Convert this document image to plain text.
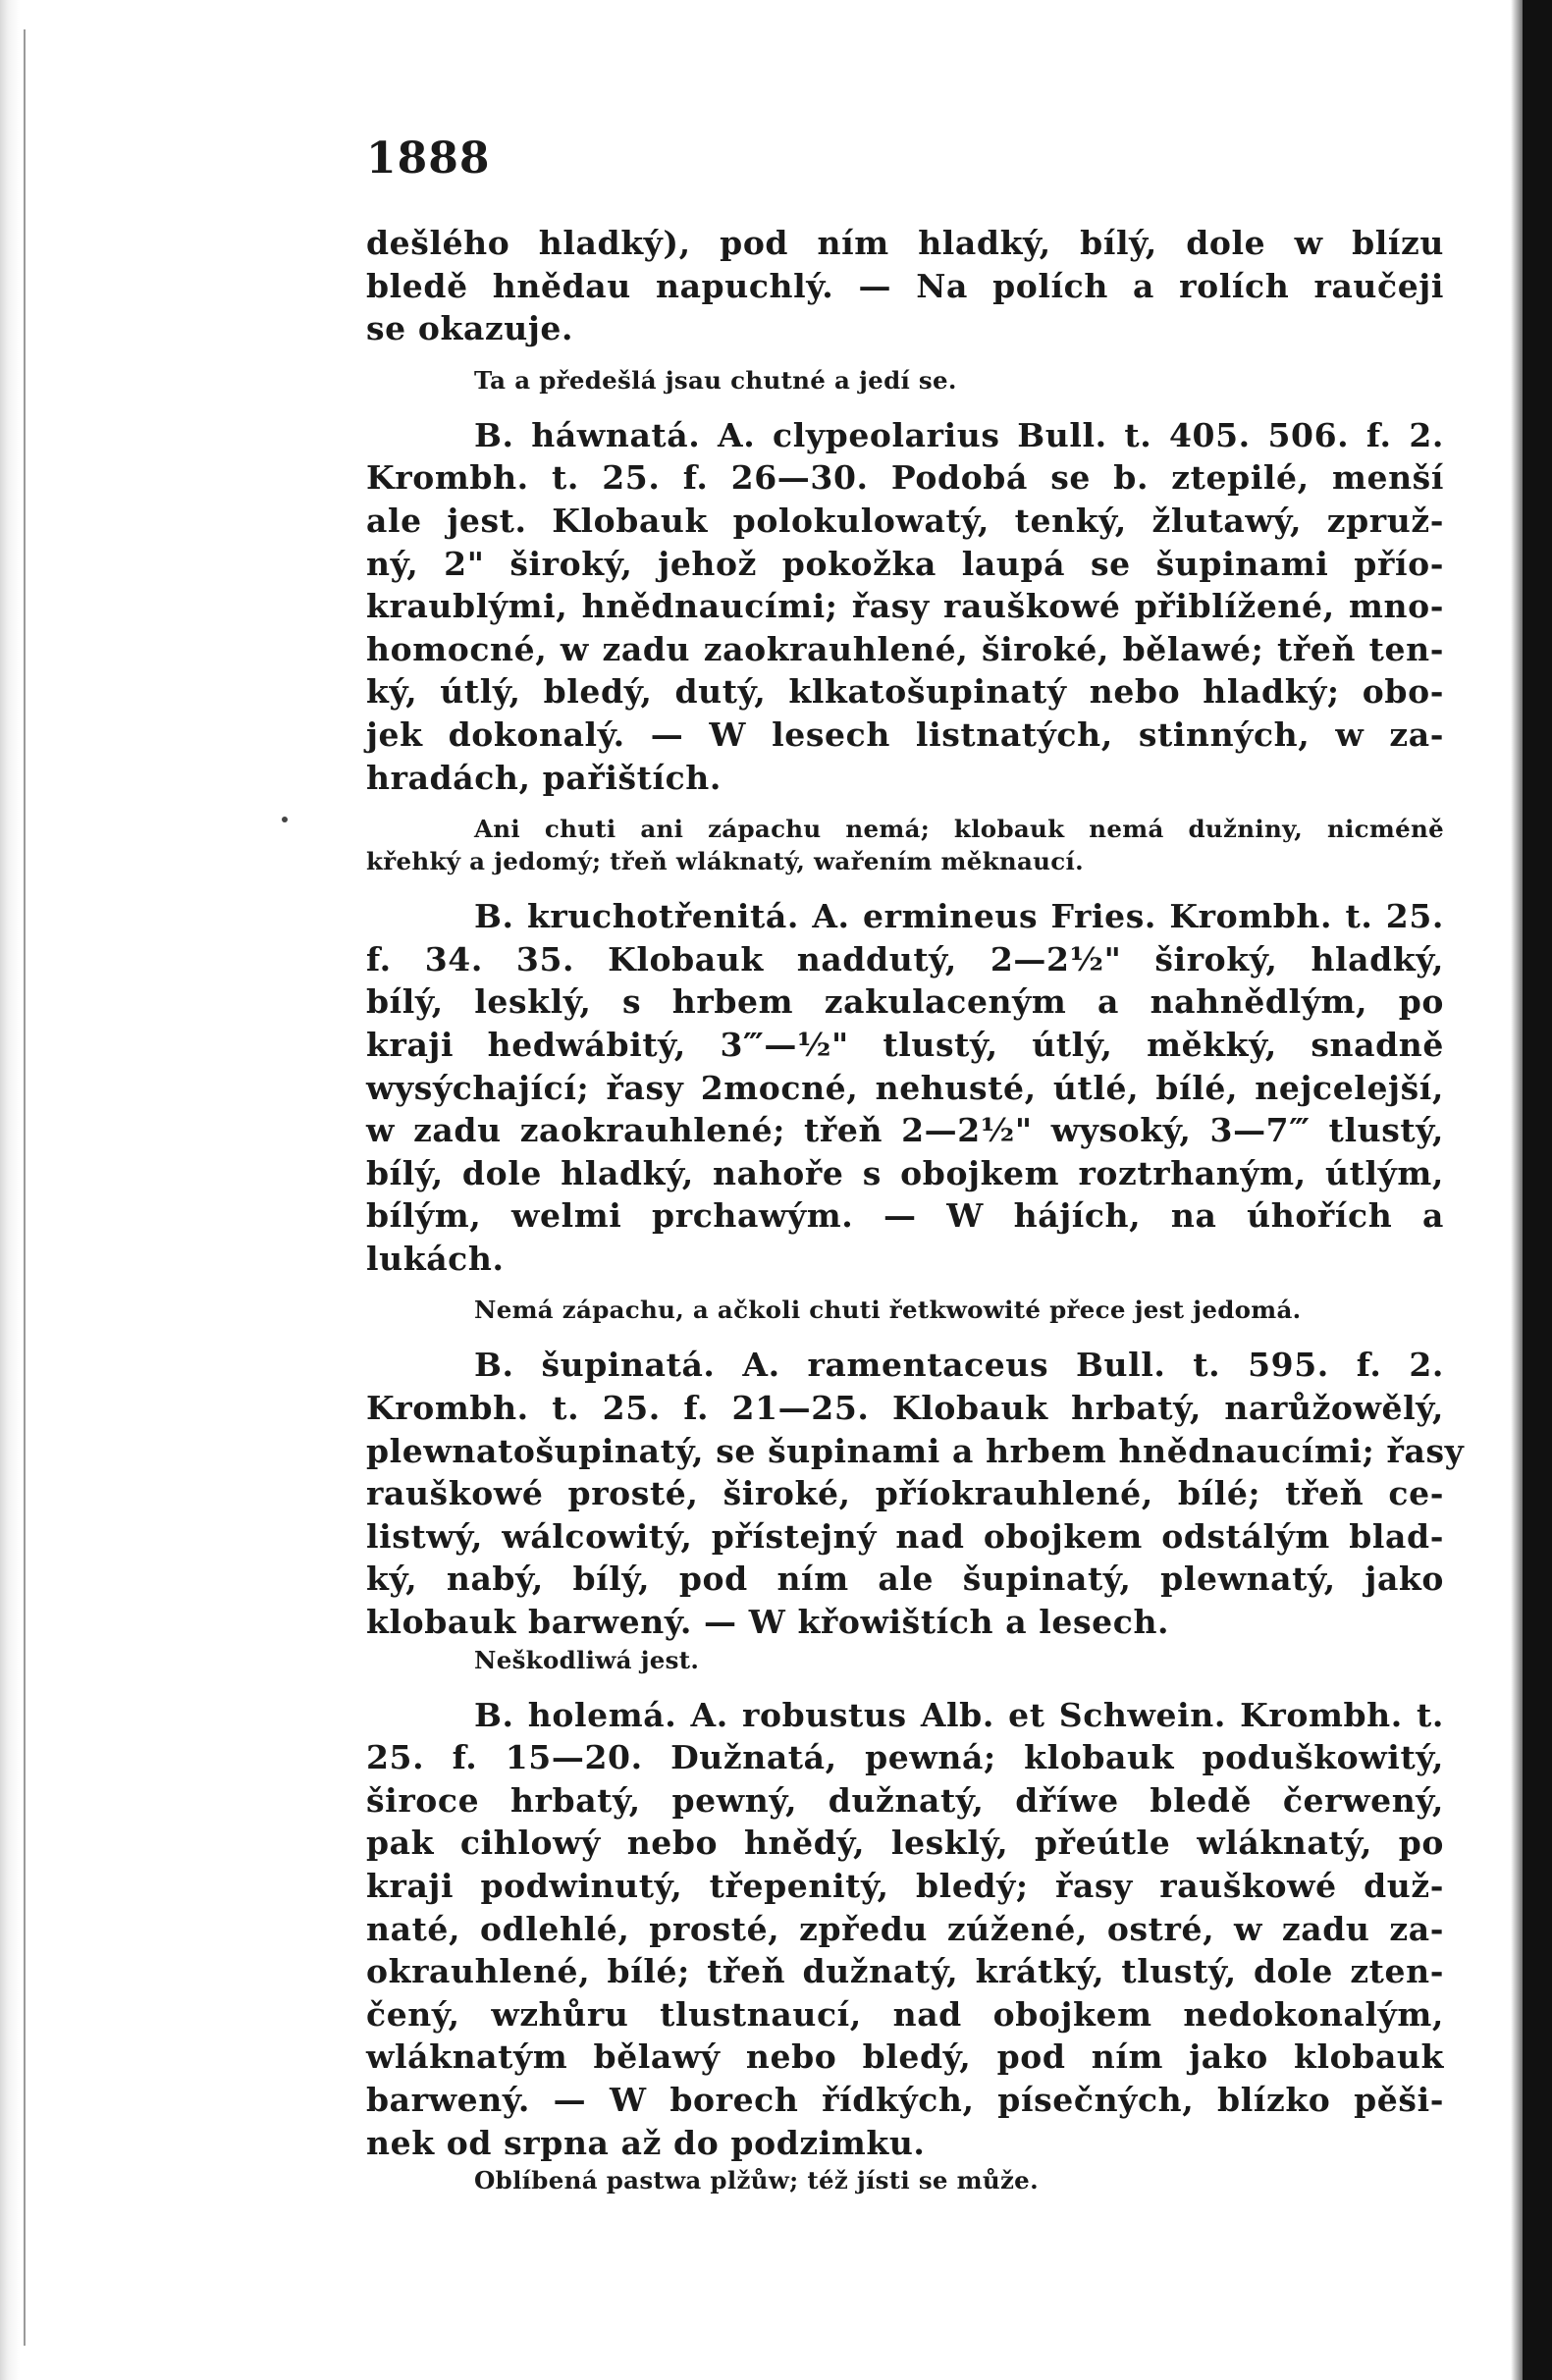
1888
dešlého hladký), pod ním hladký, bílý, dole w blízu
bledě hnědau napuchlý. — Na polích a rolích raučeji
se okazuje.
Ta a předešlá jsau chutné a jedí se.
B. háwnatá. A. clypeolarius Bull. t. 405. 506. f. 2.
Krombh. t. 25. f. 26—30. Podobá se b. ztepilé, menší
ale jest. Klobauk polokulowatý, tenký, žlutawý, zpruž-
ný, 2" široký, jehož pokožka laupá se šupinami přío-
kraublými, hnědnaucími; řasy rauškowé přiblížené, mno-
homocné, w zadu zaokrauhlené, široké, bělawé; třeň ten-
ký, útlý, bledý, dutý, klkatošupinatý nebo hladký; obo-
jek dokonalý. — W lesech listnatých, stinných, w za-
hradách, pařištích.
Ani chuti ani zápachu nemá; klobauk nemá dužniny, nicméně
křehký a jedomý; třeň wláknatý, wařením měknaucí.
B. kruchotřenitá. A. ermineus Fries. Krombh. t. 25.
f. 34. 35. Klobauk naddutý, 2—2½" široký, hladký,
bílý, lesklý, s hrbem zakulaceným a nahnědlým, po
kraji hedwábitý, 3‴—½" tlustý, útlý, měkký, snadně
wysýchající; řasy 2mocné, nehusté, útlé, bílé, nejcelejší,
w zadu zaokrauhlené; třeň 2—2½" wysoký, 3—7‴ tlustý,
bílý, dole hladký, nahoře s obojkem roztrhaným, útlým,
bílým, welmi prchawým. — W hájích, na úhořích a
lukách.
Nemá zápachu, a ačkoli chuti řetkwowité přece jest jedomá.
B. šupinatá. A. ramentaceus Bull. t. 595. f. 2.
Krombh. t. 25. f. 21—25. Klobauk hrbatý, narůžowělý,
plewnatošupinatý, se šupinami a hrbem hnědnaucími; řasy
rauškowé prosté, široké, příokrauhlené, bílé; třeň ce-
listwý, wálcowitý, přístejný nad obojkem odstálým blad-
ký, nabý, bílý, pod ním ale šupinatý, plewnatý, jako
klobauk barwený. — W křowištích a lesech.
Neškodliwá jest.
B. holemá. A. robustus Alb. et Schwein. Krombh. t.
25. f. 15—20. Dužnatá, pewná; klobauk poduškowitý,
široce hrbatý, pewný, dužnatý, dříwe bledě čerwený,
pak cihlowý nebo hnědý, lesklý, přeútle wláknatý, po
kraji podwinutý, třepenitý, bledý; řasy rauškowé duž-
naté, odlehlé, prosté, zpředu zúžené, ostré, w zadu za-
okrauhlené, bílé; třeň dužnatý, krátký, tlustý, dole zten-
čený, wzhůru tlustnaucí, nad obojkem nedokonalým,
wláknatým bělawý nebo bledý, pod ním jako klobauk
barwený. — W borech řídkých, písečných, blízko pěši-
nek od srpna až do podzimku.
Oblíbená pastwa plžůw; též jísti se může.
